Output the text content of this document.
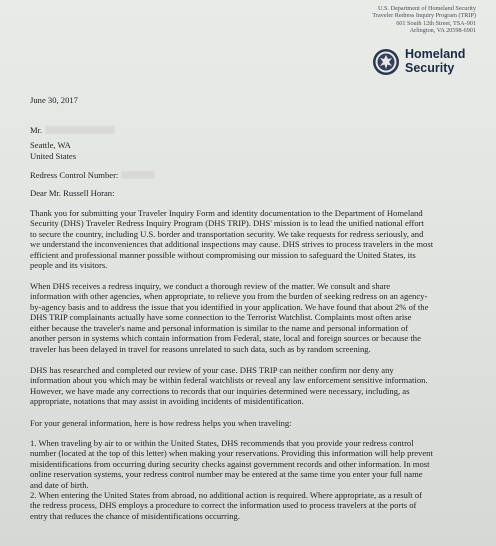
U.S. Department of Homeland Security
Traveler Redress Inquiry Program (TRIP)
601 South 12th Street, TSA-901
Arlington, VA 20598-6901
Homeland
Security
June 30, 2017
Mr.
Seattle, WA
United States
Redress Control Number:
Dear Mr. Russell Horan:
Thank you for submitting your Traveler Inquiry Form and identity documentation to the Department of Homeland
Security (DHS) Traveler Redress Inquiry Program (DHS TRIP). DHS' mission is to lead the unified national effort
to secure the country, including U.S. border and transportation security. We take requests for redress seriously, and
we understand the inconveniences that additional inspections may cause. DHS strives to process travelers in the most
efficient and professional manner possible without compromising our mission to safeguard the United States, its
people and its visitors.
When DHS receives a redress inquiry, we conduct a thorough review of the matter. We consult and share
information with other agencies, when appropriate, to relieve you from the burden of seeking redress on an agency-
by-agency basis and to address the issue that you identified in your application. We have found that about 2% of the
DHS TRIP complainants actually have some connection to the Terrorist Watchlist. Complaints most often arise
either because the traveler's name and personal information is similar to the name and personal information of
another person in systems which contain information from Federal, state, local and foreign sources or because the
traveler has been delayed in travel for reasons unrelated to such data, such as by random screening.
DHS has researched and completed our review of your case. DHS TRIP can neither confirm nor deny any
information about you which may be within federal watchlists or reveal any law enforcement sensitive information.
However, we have made any corrections to records that our inquiries determined were necessary, including, as
appropriate, notations that may assist in avoiding incidents of misidentification.
For your general information, here is how redress helps you when traveling:
1. When traveling by air to or within the United States, DHS recommends that you provide your redress control
number (located at the top of this letter) when making your reservations. Providing this information will help prevent
misidentifications from occurring during security checks against government records and other information. In most
online reservation systems, your redress control number may be entered at the same time you enter your full name
and date of birth.
2. When entering the United States from abroad, no additional action is required. Where appropriate, as a result of
the redress process, DHS employs a procedure to correct the information used to process travelers at the ports of
entry that reduces the chance of misidentifications occurring.
